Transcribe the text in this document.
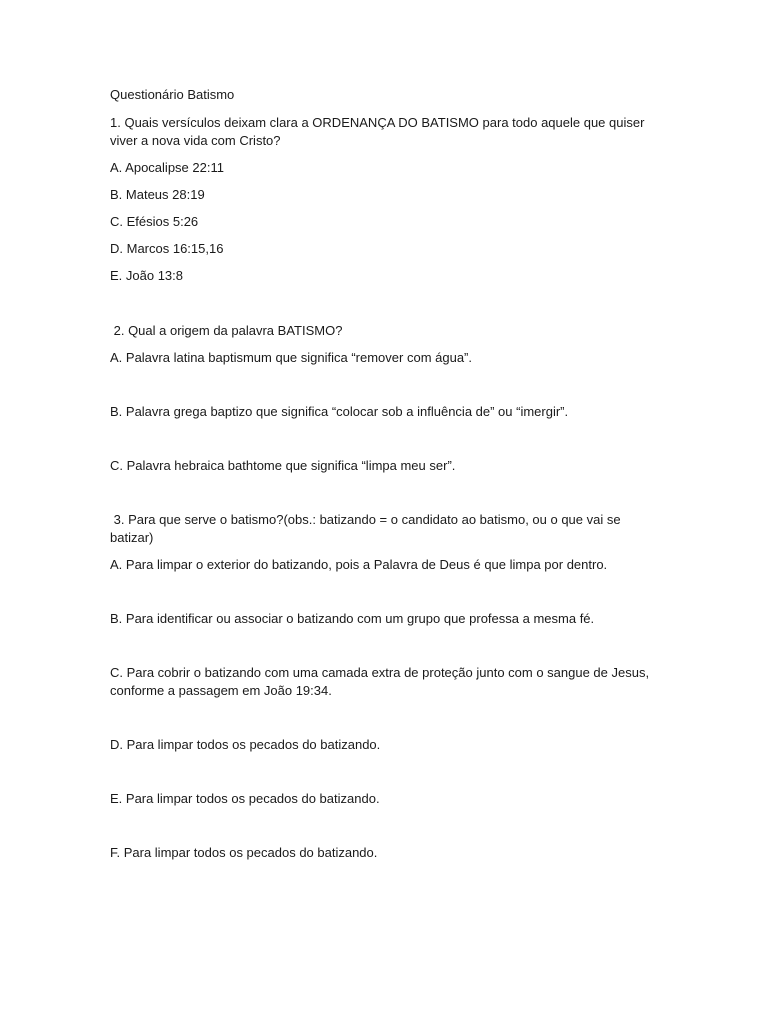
Questionário Batismo

1. Quais versículos deixam clara a ORDENANÇA DO BATISMO para todo aquele que quiser viver a nova vida com Cristo?

A. Apocalipse 22:11

B. Mateus 28:19

C. Efésios 5:26

D. Marcos 16:15,16

E. João 13:8

2. Qual a origem da palavra BATISMO?

A. Palavra latina baptismum que significa “remover com água”.

B. Palavra grega baptizo que significa “colocar sob a influência de” ou “imergir”.

C. Palavra hebraica bathtome que significa “limpa meu ser”.

3. Para que serve o batismo?(obs.: batizando = o candidato ao batismo, ou o que vai se batizar)

A. Para limpar o exterior do batizando, pois a Palavra de Deus é que limpa por dentro.

B. Para identificar ou associar o batizando com um grupo que professa a mesma fé.

C. Para cobrir o batizando com uma camada extra de proteção junto com o sangue de Jesus, conforme a passagem em João 19:34.

D. Para limpar todos os pecados do batizando.

E. Para limpar todos os pecados do batizando.

F. Para limpar todos os pecados do batizando.
